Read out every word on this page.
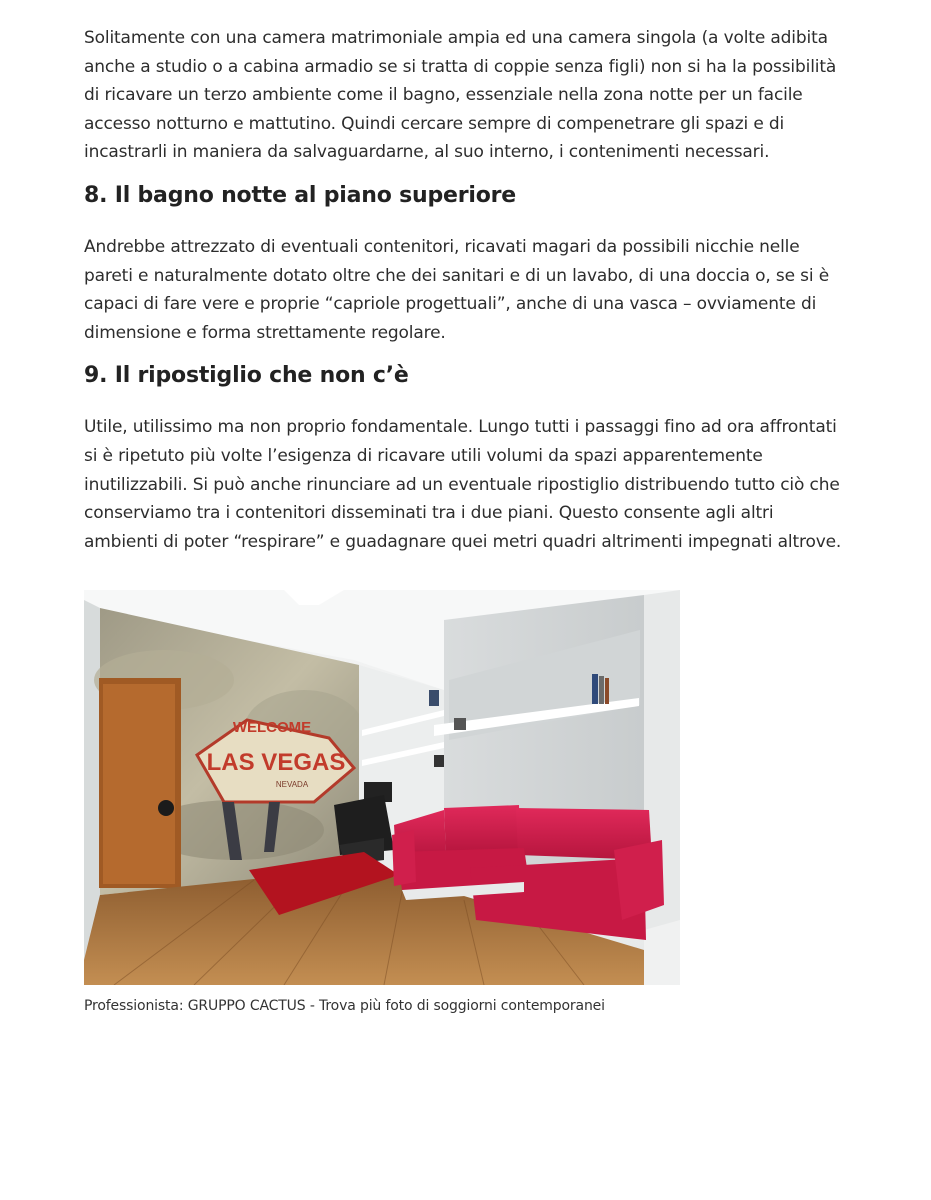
Solitamente con una camera matrimoniale ampia ed una camera singola (a volte adibita anche a studio o a cabina armadio se si tratta di coppie senza figli) non si ha la possibilità di ricavare un terzo ambiente come il bagno, essenziale nella zona notte per un facile accesso notturno e mattutino. Quindi cercare sempre di compenetrare gli spazi e di incastrarli in maniera da salvaguardarne, al suo interno, i contenimenti necessari.

8. Il bagno notte al piano superiore

Andrebbe attrezzato di eventuali contenitori, ricavati magari da possibili nicchie nelle pareti e naturalmente dotato oltre che dei sanitari e di un lavabo, di una doccia o, se si è capaci di fare vere e proprie “capriole progettuali”, anche di una vasca – ovviamente di dimensione e forma strettamente regolare.

9. Il ripostiglio che non c’è

Utile, utilissimo ma non proprio fondamentale. Lungo tutti i passaggi fino ad ora affrontati si è ripetuto più volte l’esigenza di ricavare utili volumi da spazi apparentemente inutilizzabili. Si può anche rinunciare ad un eventuale ripostiglio distribuendo tutto ciò che conserviamo tra i contenitori disseminati tra i due piani. Questo consente agli altri ambienti di poter “respirare” e guadagnare quei metri quadri altrimenti impegnati altrove.

WELCOME
LAS VEGAS
NEVADA
Professionista: GRUPPO CACTUS - Trova più foto di soggiorni contemporanei
